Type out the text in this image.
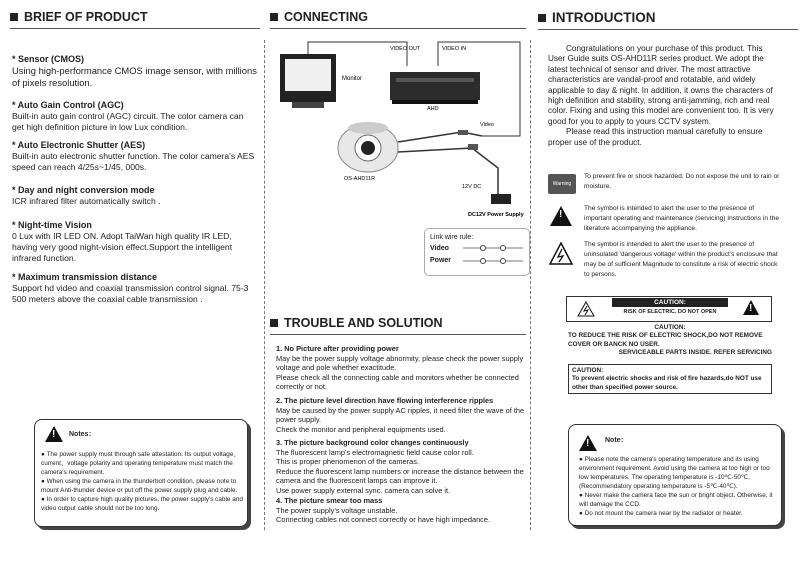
BRIEF OF PRODUCT
* Sensor (CMOS)
Using high-performance CMOS image sensor, with millions of pixels resolution.
* Auto Gain Control (AGC)
Built-in auto gain control (AGC) circuit. The color camera can get high definition picture in low Lux condition.
* Auto Electronic Shutter (AES)
Built-in auto electronic shutter function. The color camera's AES speed can reach 4/25s~1/45, 000s.
* Day and night conversion mode
ICR infrared filter automatically switch .
* Night-time Vision
0 Lux with IR LED ON. Adopt TaiWan high quality IR LED, having very good night-vision effect.Support the intelligent infrared function.
* Maximum transmission distance
Support hd video and coaxial transmission control signal. 75-3 500 meters above the coaxial cable transmission .
!
Notes：
● The power supply must through safe attestation. Its output voltage、current、voltage polarity and operating temperature must match the camera's requirement.
● When using the camera in the thunderbolt condition, please note to mount Anti-thunder device or put off the power supply plug and cable.
● In order to capture high quality pictures, the power supply's cable and video output cable should not be too long.
CONNECTING
Monitor
VIDEO OUT	VIDEO IN
AHD
OS-AHD11R
Video
12V DC
DC12V Power Supply
Link wire rule：
Video
Power
TROUBLE AND SOLUTION
1. No Picture after providing power
May be the power supply voltage abnormity, please check the power supply voltage and pole whether exactitude.
Please check all the connecting cable and monitors whether be connected correctly or not.
2. The picture level direction have flowing interference ripples
May be caused by the power supply AC ripples, it need filter the wave of the power supply.
Check the monitor and peripheral equipments used.
3. The picture background color changes continuously
The fluorescent lamp's electromagnetic field cause color roll.
This is proper phenomenon of the cameras.
Reduce the fluorescent lamp numbers or increase the distance between the camera and the fluorescent lamps can improve it.
Use power supply external sync. camera can solve it.
4. The picture smear too mass
The power supply's voltage unstable.
Connecting cables not connect correctly or have high impedance.
INTRODUCTION

Congratulations on your purchase of this product. This User Guide suits OS-AHD11R series product. We adopt the latest technical of sensor and driver. The most attractive characteristics are vandal-proof and rotatable, and widely applicable to day & night. In addition, it owns the characters of high definition and stability, strong anti-jamming, rich and real color. Fixing and using this model are convenient too. It is very good for you to apply to yours CCTV system.

Please read this instruction manual carefully to ensure proper use of the product.

Warning
To prevent fire or shock hazarded. Do not expose the unit to rain or moisture.
!
The symbol is intended to alert the user to the presence of important operating and maintenance (servicing) Instructions in the literature accompanying the appliance.
The symbol is intended to alert the user to the presence of uninsulated 'dangerous voltage' within the product's enclosure that may be of sufficient Magnitude to constitute a risk of electric shock to persons.
CAUTION:
RISK OF ELECTRIC. DO NOT OPEN
!
CAUTION:
TO REDUCE THE RISK OF ELECTRIC SHOCK,DO NOT REMOVE COVER OR BANCK NO USER.
SERVICEABLE PARTS INSIDE. REFER SERVICING
CAUTION:
To prevent electric shocks and risk of fire hazards,do NOT use other than specified power source.
!
Note：
● Please note the camera's operating temperature and its using environment requirement. Avoid using the camera at too high or too low temperatures. The operating temperature is -10℃-50℃. (Recommendatory operating temperature is -5℃-40℃).
● Never make the camera face the sun or bright object. Otherwise, it will damage the CCD.
● Do not mount the camera near by the radiator or heater.
